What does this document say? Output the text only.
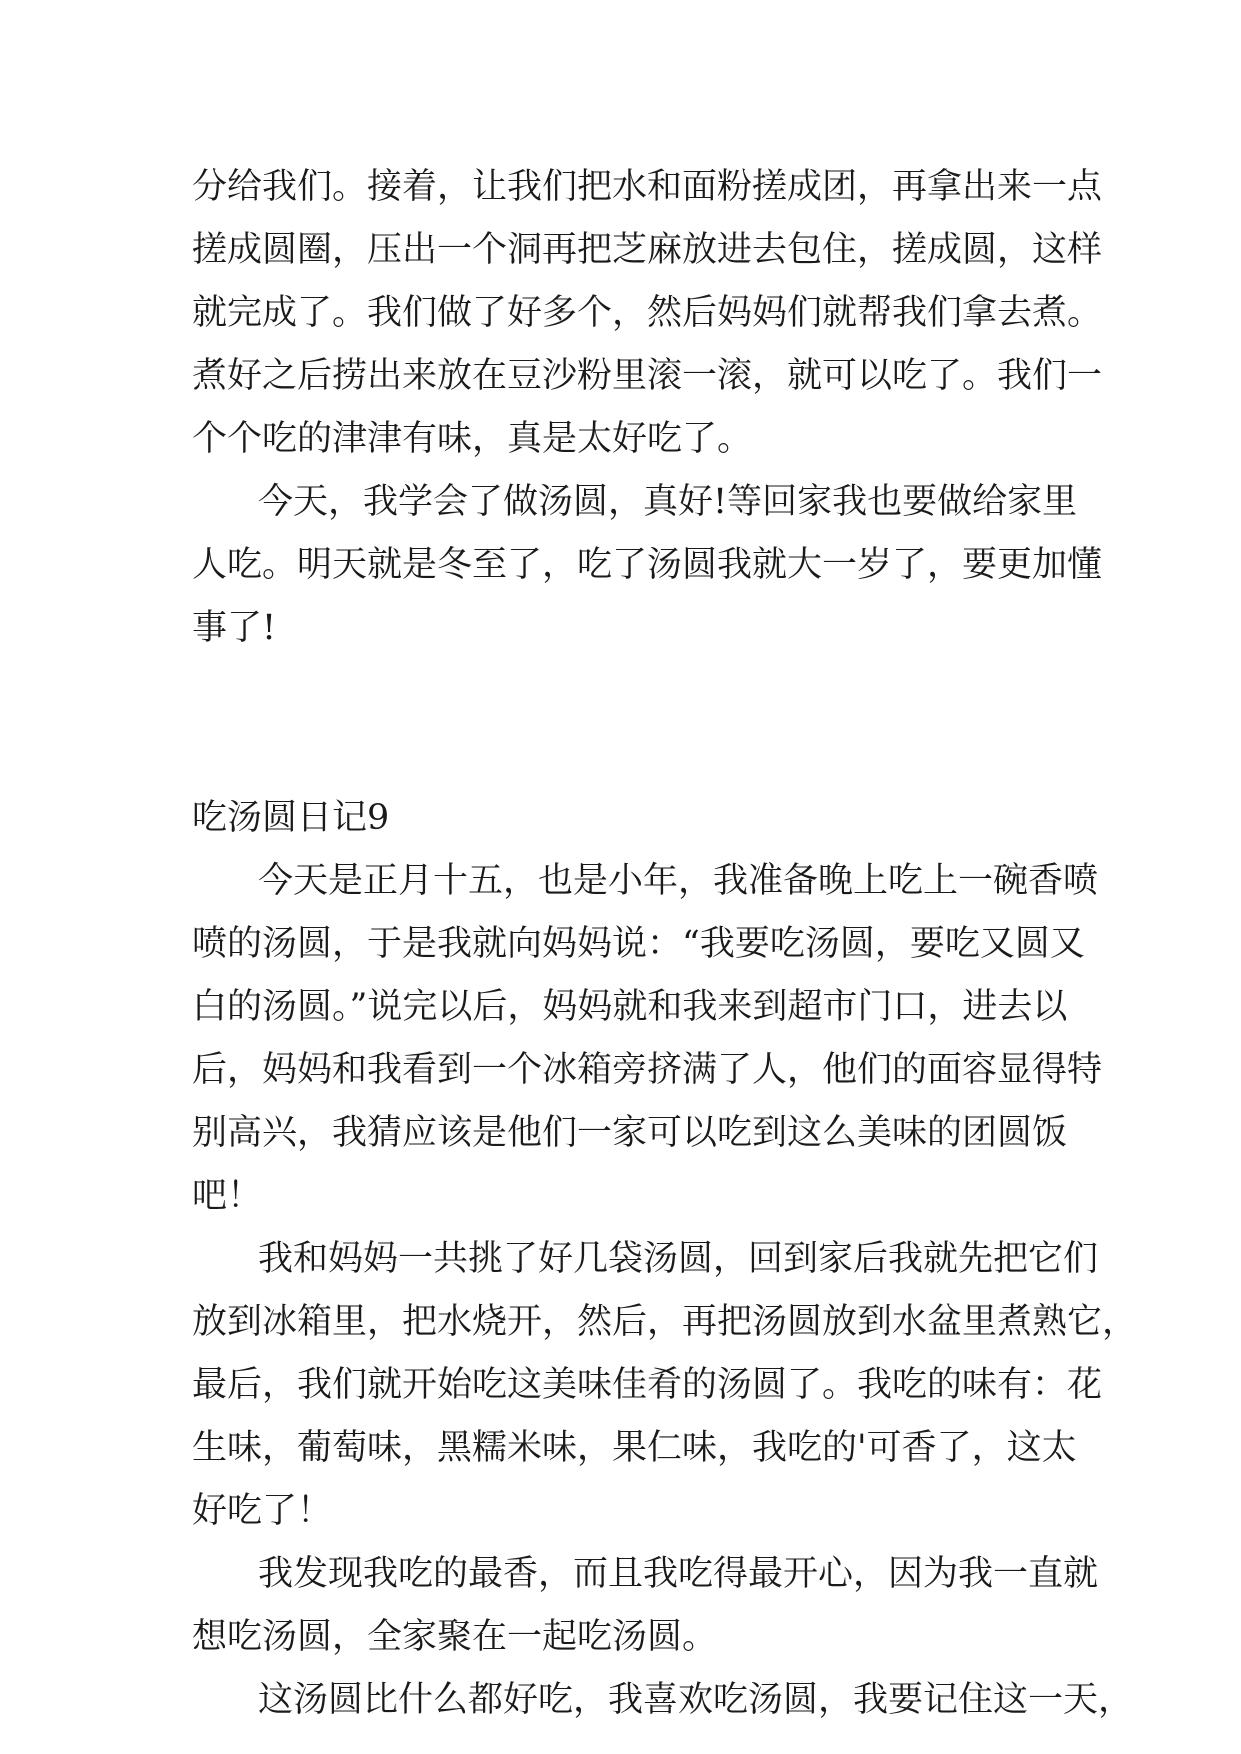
分给我们。接着，让我们把水和面粉搓成团，再拿出来一点
搓成圆圈，压出一个洞再把芝麻放进去包住，搓成圆，这样
就完成了。我们做了好多个，然后妈妈们就帮我们拿去煮。
煮好之后捞出来放在豆沙粉里滚一滚，就可以吃了。我们一
个个吃的津津有味，真是太好吃了。
今天，我学会了做汤圆，真好!等回家我也要做给家里
人吃。明天就是冬至了，吃了汤圆我就大一岁了，要更加懂
事了!
吃汤圆日记9
今天是正月十五，也是小年，我准备晚上吃上一碗香喷
喷的汤圆，于是我就向妈妈说：“我要吃汤圆，要吃又圆又
白的汤圆。”说完以后，妈妈就和我来到超市门口，进去以
后，妈妈和我看到一个冰箱旁挤满了人，他们的面容显得特
别高兴，我猜应该是他们一家可以吃到这么美味的团圆饭
吧！
我和妈妈一共挑了好几袋汤圆，回到家后我就先把它们
放到冰箱里，把水烧开，然后，再把汤圆放到水盆里煮熟它，
最后，我们就开始吃这美味佳肴的汤圆了。我吃的味有：花
生味，葡萄味，黑糯米味，果仁味，我吃的'可香了，这太
好吃了！
我发现我吃的最香，而且我吃得最开心，因为我一直就
想吃汤圆，全家聚在一起吃汤圆。
这汤圆比什么都好吃，我喜欢吃汤圆，我要记住这一天，
